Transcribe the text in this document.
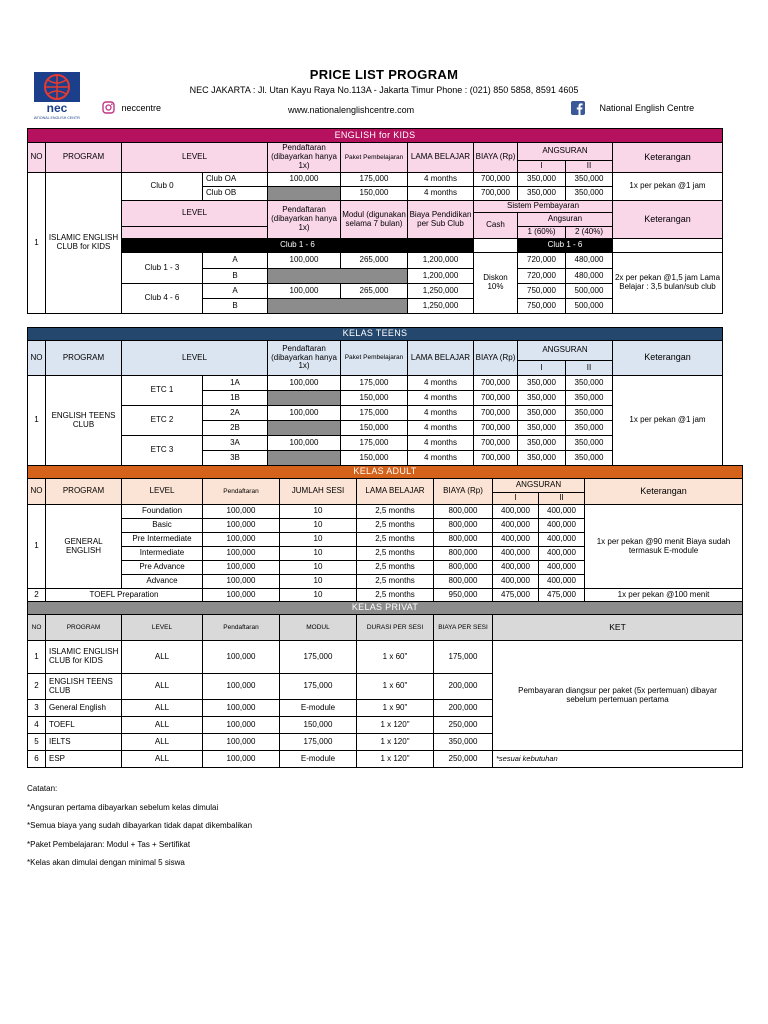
nec
NATIONAL ENGLISH CENTRE
PRICE LIST PROGRAM
NEC JAKARTA : Jl. Utan Kayu Raya No.113A - Jakarta Timur Phone : (021) 850 5858, 8591 4605
neccentre	www.nationalenglishcentre.com	National English Centre
ENGLISH for KIDS										
NO	PROGRAM	LEVEL		Pendaftaran (dibayarkan hanya 1x)	Paket Pembelajaran	LAMA BELAJAR	BIAYA (Rp)	ANGSURAN		Keterangan
								I	II	
1	ISLAMIC ENGLISH CLUB for KIDS	Club 0	Club OA	100,000	175,000	4 months	700,000	350,000	350,000	1x per pekan @1 jam
			Club OB		150,000	4 months	700,000	350,000	350,000	
		LEVEL		Pendaftaran (dibayarkan hanya 1x)	Modul (digunakan selama 7 bulan)	Biaya Pendidikan per Sub Club	Sistem Pembayaran			Keterangan
							Cash	Angsuran		
								1 (60%)	2 (40%)	
		Club 1 - 6						Club 1 - 6		
		Club 1 - 3	A	100,000	265,000	1,200,000	Diskon 10%	720,000	480,000	2x per pekan @1,5 jam Lama Belajar : 3,5 bulan/sub club
			B			1,200,000		720,000	480,000	
		Club 4 - 6	A	100,000	265,000	1,250,000		750,000	500,000	
			B			1,250,000		750,000	500,000	
KELAS TEENS										
NO	PROGRAM	LEVEL		Pendaftaran (dibayarkan hanya 1x)	Paket Pembelajaran	LAMA BELAJAR	BIAYA (Rp)	ANGSURAN		Keterangan
								I	II	
1	ENGLISH TEENS CLUB	ETC 1	1A	100,000	175,000	4 months	700,000	350,000	350,000	1x per pekan @1 jam
			1B		150,000	4 months	700,000	350,000	350,000	
		ETC 2	2A	100,000	175,000	4 months	700,000	350,000	350,000	
			2B		150,000	4 months	700,000	350,000	350,000	
		ETC 3	3A	100,000	175,000	4 months	700,000	350,000	350,000	
			3B		150,000	4 months	700,000	350,000	350,000	
KELAS ADULT									
NO	PROGRAM	LEVEL	Pendaftaran	JUMLAH SESI	LAMA BELAJAR	BIAYA (Rp)	ANGSURAN		Keterangan
							I	II	
1	GENERAL ENGLISH	Foundation	100,000	10	2,5 months	800,000	400,000	400,000	1x per pekan @90 menit Biaya sudah termasuk E-module
		Basic	100,000	10	2,5 months	800,000	400,000	400,000	
		Pre Intermediate	100,000	10	2,5 months	800,000	400,000	400,000	
		Intermediate	100,000	10	2,5 months	800,000	400,000	400,000	
		Pre Advance	100,000	10	2,5 months	800,000	400,000	400,000	
		Advance	100,000	10	2,5 months	800,000	400,000	400,000	
2	TOEFL Preparation		100,000	10	2,5 months	950,000	475,000	475,000	1x per pekan @100 menit
KELAS PRIVAT							
NO	PROGRAM	LEVEL	Pendaftaran	MODUL	DURASI PER SESI	BIAYA PER SESI	KET
1	ISLAMIC ENGLISH CLUB for KIDS	ALL	100,000	175,000	1 x 60"	175,000	Pembayaran diangsur per paket (5x pertemuan) dibayar sebelum pertemuan pertama
2	ENGLISH TEENS CLUB	ALL	100,000	175,000	1 x 60"	200,000	
3	General English	ALL	100,000	E-module	1 x 90"	200,000	
4	TOEFL	ALL	100,000	150,000	1 x 120"	250,000	
5	IELTS	ALL	100,000	175,000	1 x 120"	350,000	
6	ESP	ALL	100,000	E-module	1 x 120"	250,000	*sesuai kebutuhan
Catatan:
*Angsuran pertama dibayarkan sebelum kelas dimulai
*Semua biaya yang sudah dibayarkan tidak dapat dikembalikan
*Paket Pembelajaran: Modul + Tas + Sertifikat
*Kelas akan dimulai dengan minimal 5 siswa
